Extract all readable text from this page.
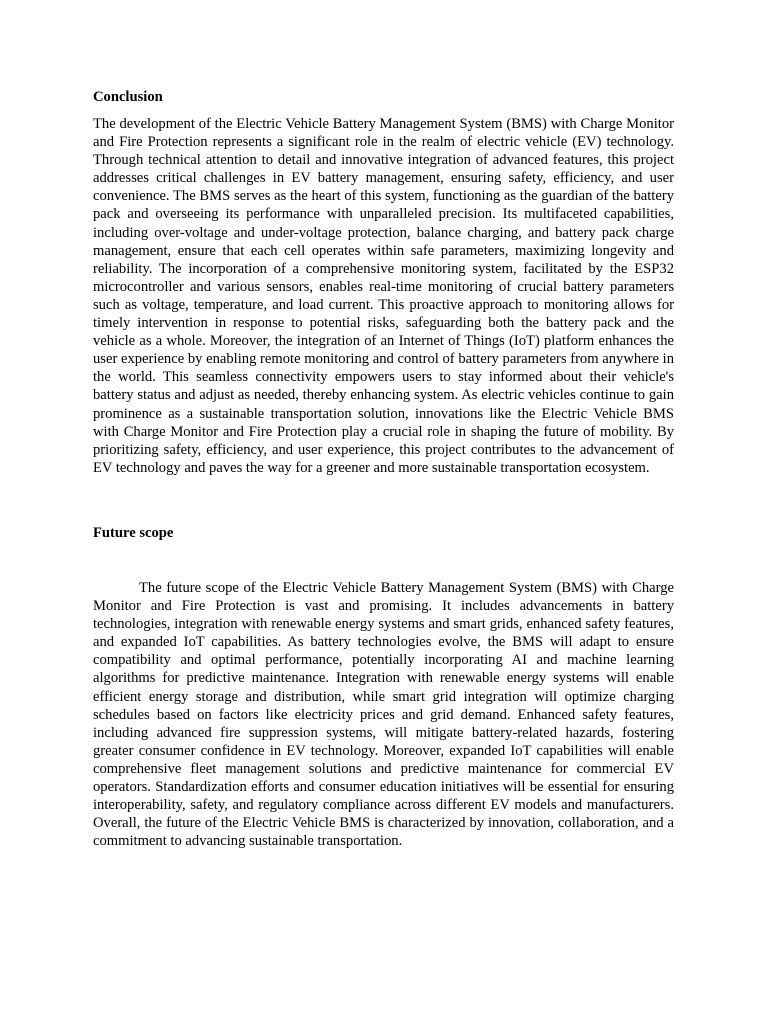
Conclusion

The development of the Electric Vehicle Battery Management System (BMS) with Charge Monitor and Fire Protection represents a significant role in the realm of electric vehicle (EV) technology. Through technical attention to detail and innovative integration of advanced features, this project addresses critical challenges in EV battery management, ensuring safety, efficiency, and user convenience. The BMS serves as the heart of this system, functioning as the guardian of the battery pack and overseeing its performance with unparalleled precision. Its multifaceted capabilities, including over-voltage and under-voltage protection, balance charging, and battery pack charge management, ensure that each cell operates within safe parameters, maximizing longevity and reliability. The incorporation of a comprehensive monitoring system, facilitated by the ESP32 microcontroller and various sensors, enables real-time monitoring of crucial battery parameters such as voltage, temperature, and load current. This proactive approach to monitoring allows for timely intervention in response to potential risks, safeguarding both the battery pack and the vehicle as a whole. Moreover, the integration of an Internet of Things (IoT) platform enhances the user experience by enabling remote monitoring and control of battery parameters from anywhere in the world. This seamless connectivity empowers users to stay informed about their vehicle's battery status and adjust as needed, thereby enhancing system. As electric vehicles continue to gain prominence as a sustainable transportation solution, innovations like the Electric Vehicle BMS with Charge Monitor and Fire Protection play a crucial role in shaping the future of mobility. By prioritizing safety, efficiency, and user experience, this project contributes to the advancement of EV technology and paves the way for a greener and more sustainable transportation ecosystem.

Future scope

The future scope of the Electric Vehicle Battery Management System (BMS) with Charge Monitor and Fire Protection is vast and promising. It includes advancements in battery technologies, integration with renewable energy systems and smart grids, enhanced safety features, and expanded IoT capabilities. As battery technologies evolve, the BMS will adapt to ensure compatibility and optimal performance, potentially incorporating AI and machine learning algorithms for predictive maintenance. Integration with renewable energy systems will enable efficient energy storage and distribution, while smart grid integration will optimize charging schedules based on factors like electricity prices and grid demand. Enhanced safety features, including advanced fire suppression systems, will mitigate battery-related hazards, fostering greater consumer confidence in EV technology. Moreover, expanded IoT capabilities will enable comprehensive fleet management solutions and predictive maintenance for commercial EV operators. Standardization efforts and consumer education initiatives will be essential for ensuring interoperability, safety, and regulatory compliance across different EV models and manufacturers. Overall, the future of the Electric Vehicle BMS is characterized by innovation, collaboration, and a commitment to advancing sustainable transportation.
